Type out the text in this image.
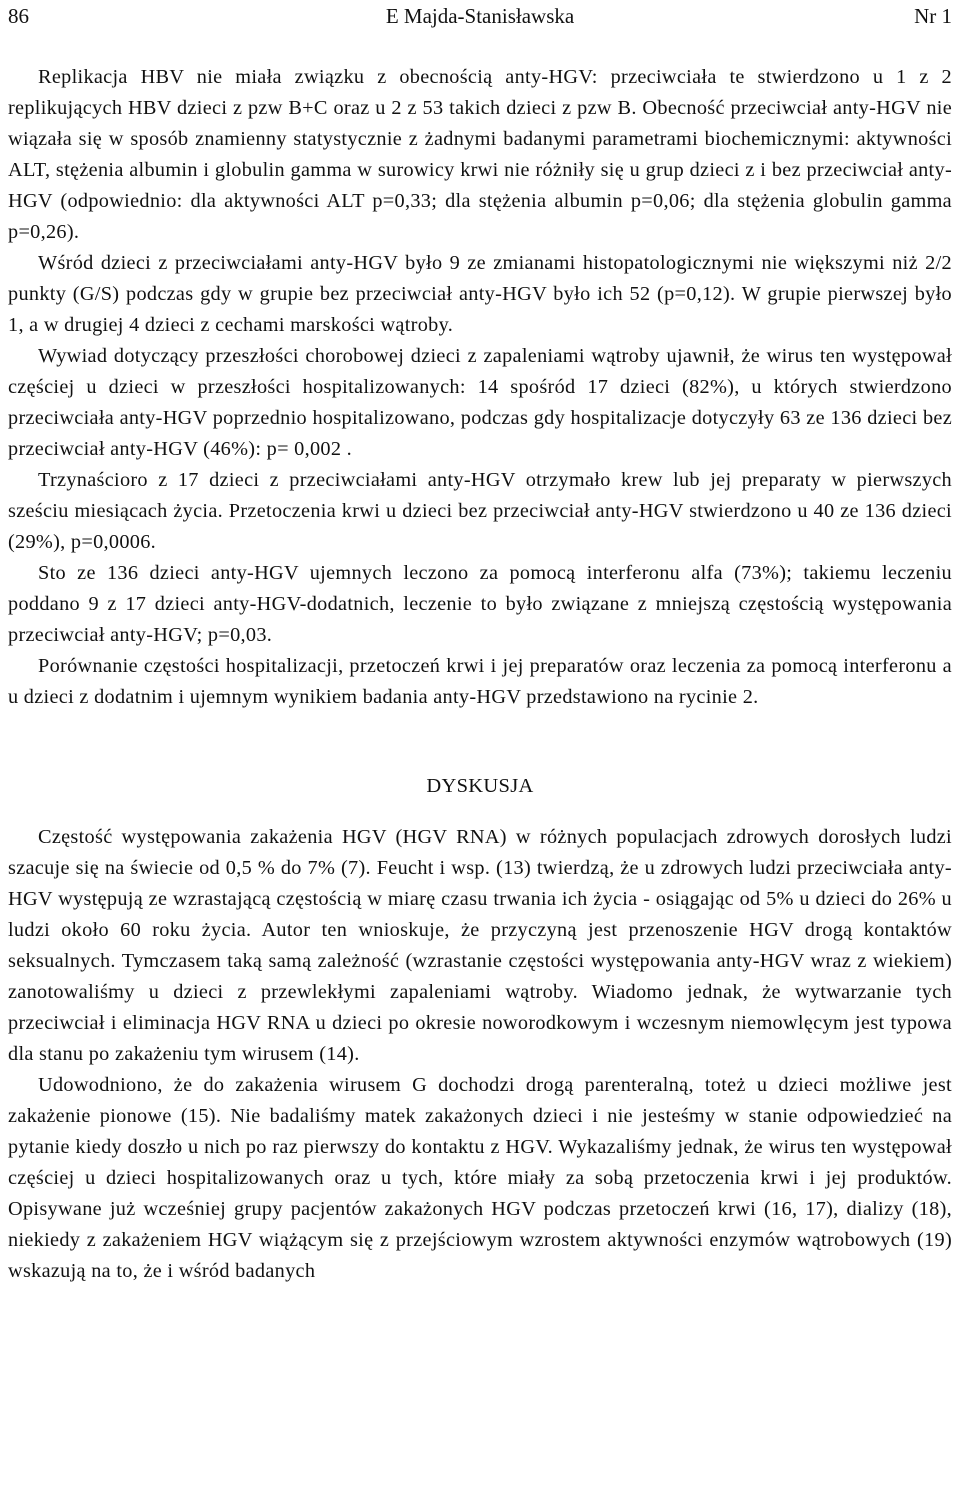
86	E Majda-Stanisławska	Nr 1

Replikacja HBV nie miała związku z obecnością anty-HGV: przeciwciała te stwierdzono u 1 z 2 replikujących HBV dzieci z pzw B+C oraz u 2 z 53 takich dzieci z pzw B. Obecność przeciwciał anty-HGV nie wiązała się w sposób znamienny statystycznie z żadnymi badanymi parametrami biochemicznymi: aktywności ALT, stężenia albumin i globulin gamma w surowicy krwi nie różniły się u grup dzieci z i bez przeciwciał anty-HGV (odpowiednio: dla aktywności ALT p=0,33; dla stężenia albumin p=0,06; dla stężenia globulin gamma p=0,26).

Wśród dzieci z przeciwciałami anty-HGV było 9 ze zmianami histopatologicznymi nie większymi niż 2/2 punkty (G/S) podczas gdy w grupie bez przeciwciał anty-HGV było ich 52 (p=0,12). W grupie pierwszej było 1, a w drugiej 4 dzieci z cechami marskości wątroby.

Wywiad dotyczący przeszłości chorobowej dzieci z zapaleniami wątroby ujawnił, że wirus ten występował częściej u dzieci w przeszłości hospitalizowanych: 14 spośród 17 dzieci (82%), u których stwierdzono przeciwciała anty-HGV poprzednio hospitalizowano, podczas gdy hospitalizacje dotyczyły 63 ze 136 dzieci bez przeciwciał anty-HGV (46%): p= 0,002 .

Trzynaścioro z 17 dzieci z przeciwciałami anty-HGV otrzymało krew lub jej preparaty w pierwszych sześciu miesiącach życia. Przetoczenia krwi u dzieci bez przeciwciał anty-HGV stwierdzono u 40 ze 136 dzieci (29%), p=0,0006.

Sto ze 136 dzieci anty-HGV ujemnych leczono za pomocą interferonu alfa (73%); takiemu leczeniu poddano 9 z 17 dzieci anty-HGV-dodatnich, leczenie to było związane z mniejszą częstością występowania przeciwciał anty-HGV; p=0,03.

Porównanie częstości hospitalizacji, przetoczeń krwi i jej preparatów oraz leczenia za pomocą interferonu a u dzieci z dodatnim i ujemnym wynikiem badania anty-HGV przedstawiono na rycinie 2.

DYSKUSJA

Częstość występowania zakażenia HGV (HGV RNA) w różnych populacjach zdrowych dorosłych ludzi szacuje się na świecie od 0,5 % do 7% (7). Feucht i wsp. (13) twierdzą, że u zdrowych ludzi przeciwciała anty-HGV występują ze wzrastającą częstością w miarę czasu trwania ich życia - osiągając od 5% u dzieci do 26% u ludzi około 60 roku życia. Autor ten wnioskuje, że przyczyną jest przenoszenie HGV drogą kontaktów seksualnych. Tymczasem taką samą zależność (wzrastanie częstości występowania anty-HGV wraz z wiekiem) zanotowaliśmy u dzieci z przewlekłymi zapaleniami wątroby. Wiadomo jednak, że wytwarzanie tych przeciwciał i eliminacja HGV RNA u dzieci po okresie noworodkowym i wczesnym niemowlęcym jest typowa dla stanu po zakażeniu tym wirusem (14).

Udowodniono, że do zakażenia wirusem G dochodzi drogą parenteralną, toteż u dzieci możliwe jest zakażenie pionowe (15). Nie badaliśmy matek zakażonych dzieci i nie jesteśmy w stanie odpowiedzieć na pytanie kiedy doszło u nich po raz pierwszy do kontaktu z HGV. Wykazaliśmy jednak, że wirus ten występował częściej u dzieci hospitalizowanych oraz u tych, które miały za sobą przetoczenia krwi i jej produktów. Opisywane już wcześniej grupy pacjentów zakażonych HGV podczas przetoczeń krwi (16, 17), dializy (18), niekiedy z zakażeniem HGV wiążącym się z przejściowym wzrostem aktywności enzymów wątrobowych (19) wskazują na to, że i wśród badanych
